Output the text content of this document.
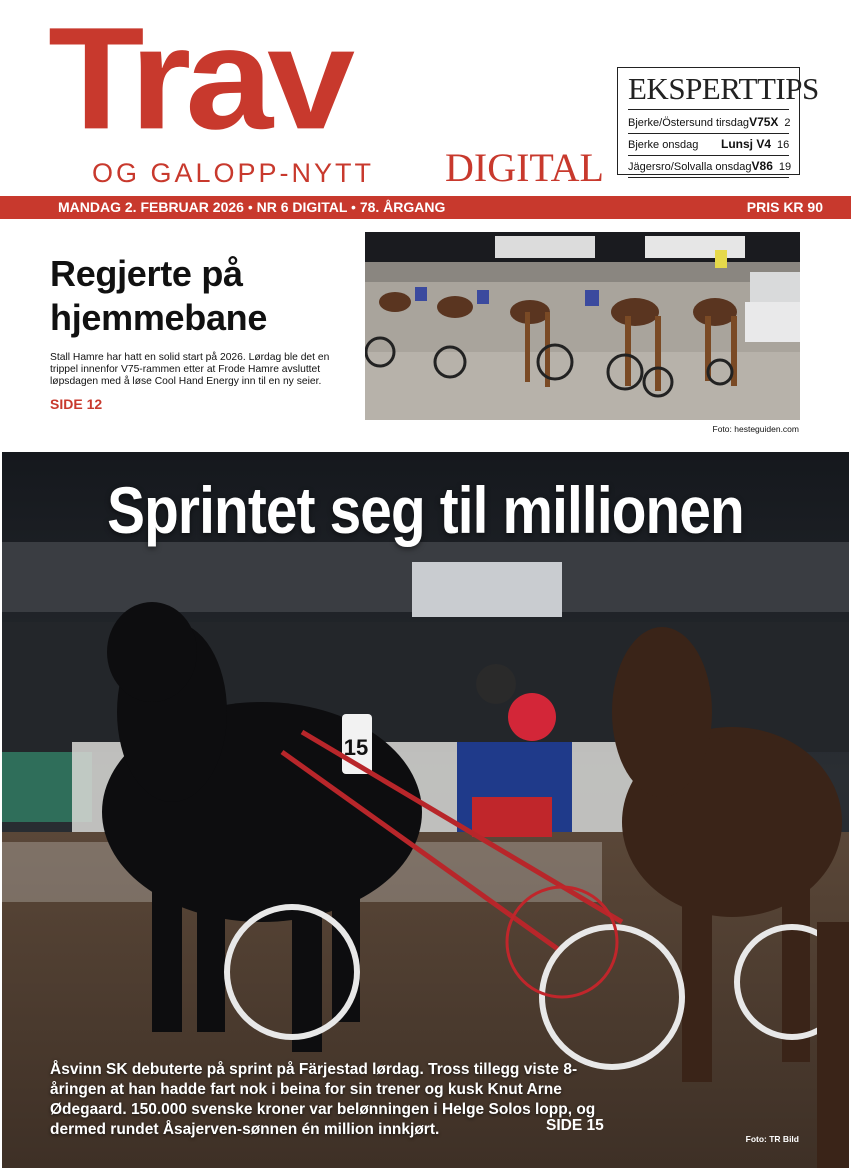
Trav
OG GALOPP-NYTT DIGITAL
EKSPERTTIPS
Bjerke/Östersund tirsdag V75X 2
Bjerke onsdag	Lunsj V4 16
Jägersro/Solvalla onsdag V86 19
MANDAG 2. FEBRUAR 2026 • NR 6 DIGITAL • 78. ÅRGANG	PRIS KR 90
Regjerte på hjemmebane

Stall Hamre har hatt en solid start på 2026. Lørdag ble det en trippel innenfor V75-rammen etter at Frode Hamre avsluttet løpsdagen med å løse Cool Hand Energy inn til en ny seier.

SIDE 12
Foto: hesteguiden.com
Sprintet seg til millionen
Åsvinn SK debuterte på sprint på Färjestad lørdag. Tross tillegg viste 8-åringen at han hadde fart nok i beina for sin trener og kusk Knut Arne Ødegaard. 150.000 svenske kroner var belønningen i Helge Solos lopp, og dermed rundet Åsajerven-sønnen én million innkjørt.	SIDE 15
Foto: TR Bild
15
